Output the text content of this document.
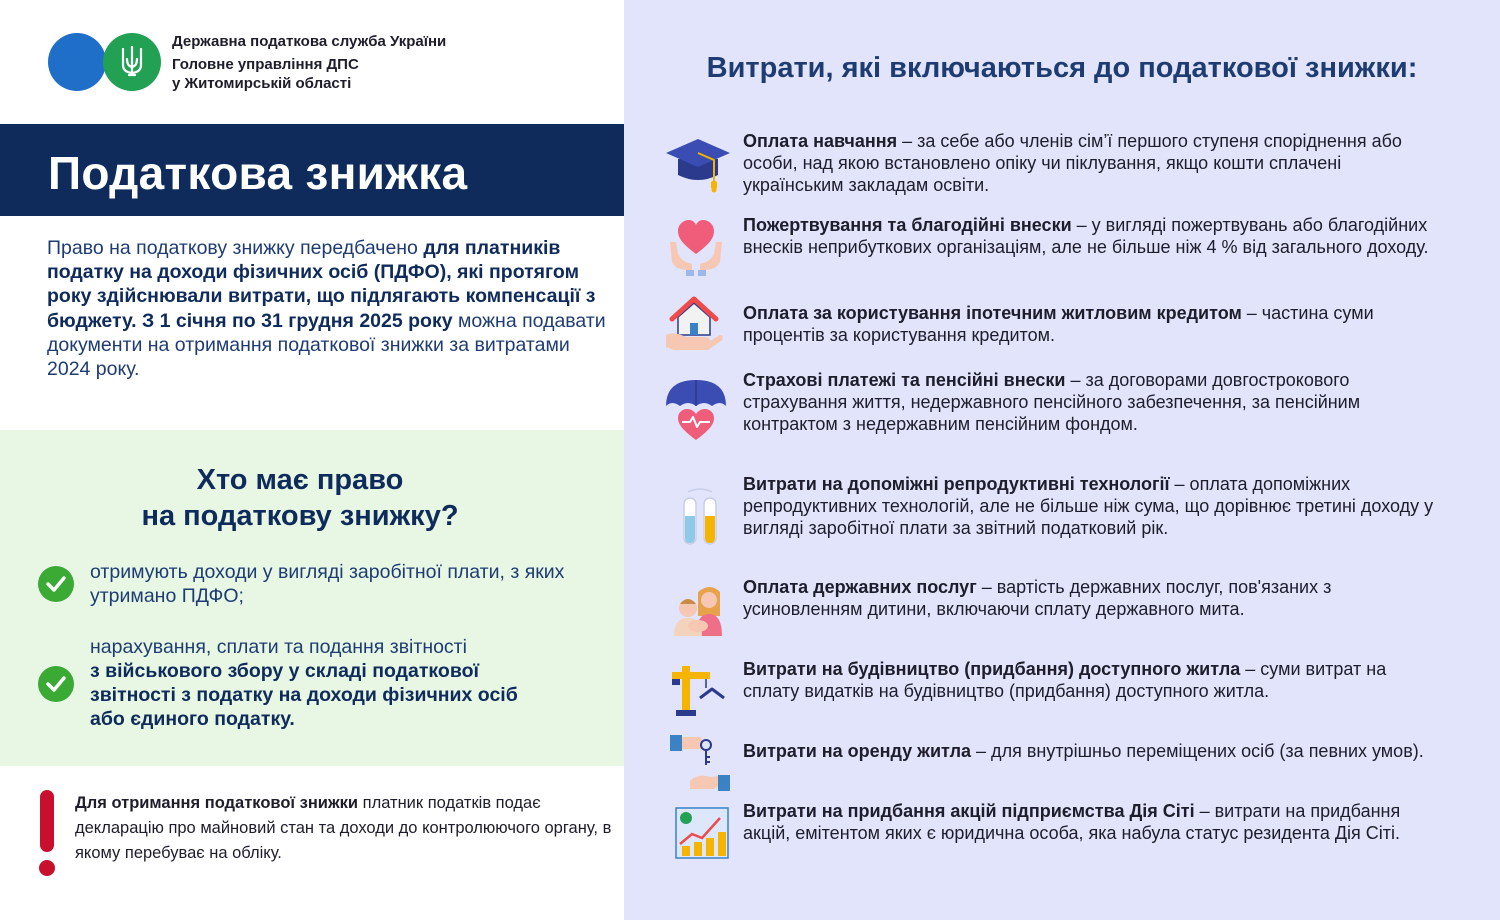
Державна податкова служба України
Головне управління ДПС
у Житомирській області
Податкова знижка

Право на податкову знижку передбачено для платників податку на доходи фізичних осіб (ПДФО), які протягом року здійснювали витрати, що підлягають компенсації з бюджету. З 1 січня по 31 грудня 2025 року можна подавати документи на отримання податкової знижки за витратами 2024 року.

Хто має право
на податкову знижку?

отримують доходи у вигляді заробітної плати, з яких утримано ПДФО;

нарахування, сплати та подання звітності
з військового збору у складі податкової звітності з податку на доходи фізичних осіб або єдиного податку.

Для отримання податкової знижки платник податків подає декларацію про майновий стан та доходи до контролюючого органу, в якому перебуває на обліку.

Витрати, які включаються до податкової знижки:

Оплата навчання – за себе або членів сім’ї першого ступеня споріднення або особи, над якою встановлено опіку чи піклування, якщо кошти сплачені українським закладам освіти.

Пожертвування та благодійні внески – у вигляді пожертвувань або благодійних внесків неприбуткових організаціям, але не більше ніж 4 % від загального доходу.

Оплата за користування іпотечним житловим кредитом – частина суми процентів за користування кредитом.

Страхові платежі та пенсійні внески – за договорами довгострокового страхування життя, недержавного пенсійного забезпечення, за пенсійним контрактом з недержавним пенсійним фондом.

Витрати на допоміжні репродуктивні технології – оплата допоміжних репродуктивних технологій, але не більше ніж сума, що дорівнює третині доходу у вигляді заробітної плати за звітний податковий рік.

Оплата державних послуг – вартість державних послуг, пов'язаних з усиновленням дитини, включаючи сплату державного мита.

Витрати на будівництво (придбання) доступного житла – суми витрат на сплату видатків на будівництво (придбання) доступного житла.

Витрати на оренду житла – для внутрішньо переміщених осіб (за певних умов).

Витрати на придбання акцій підприємства Дія Сіті – витрати на придбання акцій, емітентом яких є юридична особа, яка набула статус резидента Дія Сіті.
